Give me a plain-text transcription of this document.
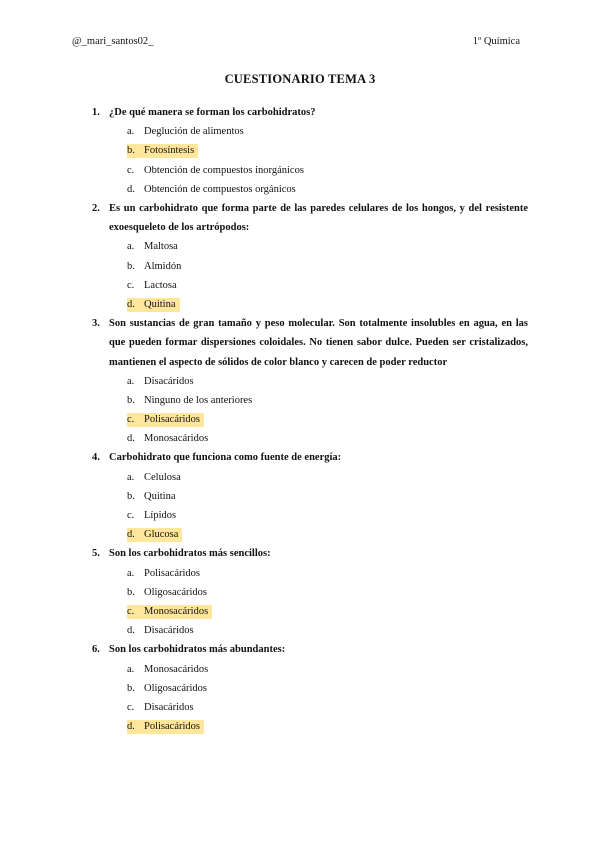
@_mari_santos02_	1º Química
CUESTIONARIO TEMA 3
1. ¿De qué manera se forman los carbohidratos?
a. Deglución de alimentos
b. Fotosíntesis
c. Obtención de compuestos inorgánicos
d. Obtención de compuestos orgánicos
2. Es un carbohidrato que forma parte de las paredes celulares de los hongos, y del resistente exoesqueleto de los artrópodos:
a. Maltosa
b. Almidón
c. Lactosa
d. Quitina
3. Son sustancias de gran tamaño y peso molecular. Son totalmente insolubles en agua, en las que pueden formar dispersiones coloidales. No tienen sabor dulce. Pueden ser cristalizados, mantienen el aspecto de sólidos de color blanco y carecen de poder reductor
a. Disacáridos
b. Ninguno de los anteriores
c. Polisacáridos
d. Monosacáridos
4. Carbohidrato que funciona como fuente de energía:
a. Celulosa
b. Quitina
c. Lípidos
d. Glucosa
5. Son los carbohidratos más sencillos:
a. Polisacáridos
b. Oligosacáridos
c. Monosacáridos
d. Disacáridos
6. Son los carbohidratos más abundantes:
a. Monosacáridos
b. Oligosacáridos
c. Disacáridos
d. Polisacáridos
